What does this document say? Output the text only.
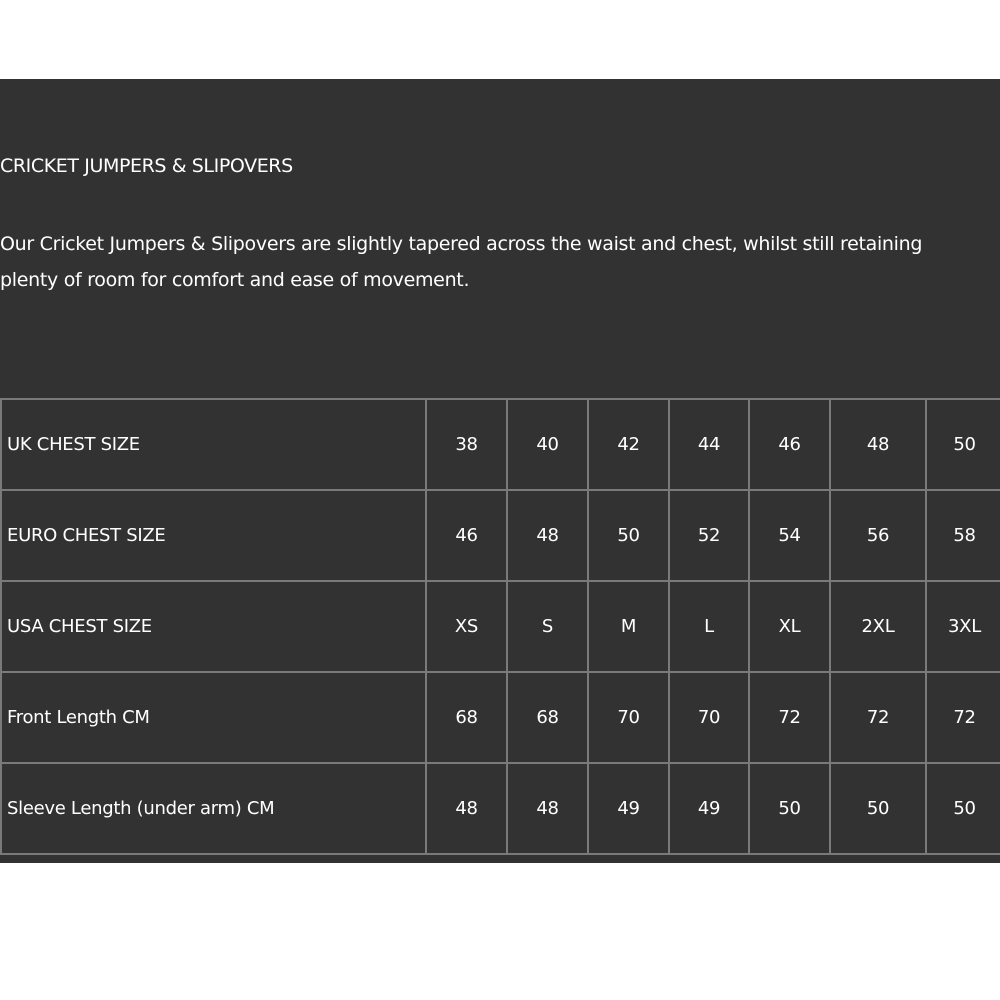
CRICKET JUMPERS & SLIPOVERS

Our Cricket Jumpers & Slipovers are slightly tapered across the waist and chest, whilst still retaining plenty of room for comfort and ease of movement.

UK CHEST SIZE	38	40	42	44	46	48	50
EURO CHEST SIZE	46	48	50	52	54	56	58
USA CHEST SIZE	XS	S	M	L	XL	2XL	3XL
Front Length CM	68	68	70	70	72	72	72
Sleeve Length (under arm) CM	48	48	49	49	50	50	50
